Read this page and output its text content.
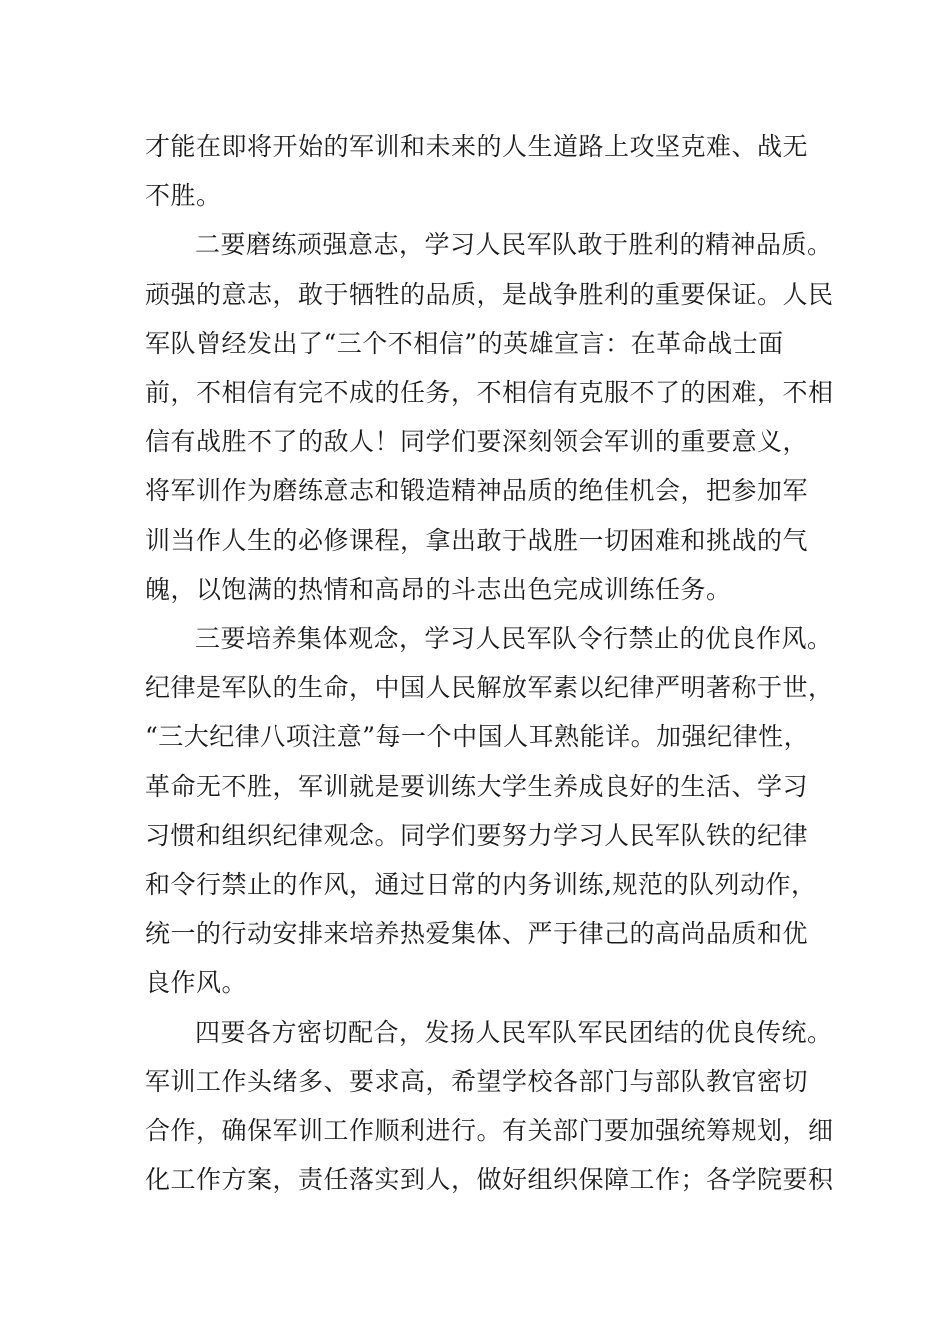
才能在即将开始的军训和未来的人生道路上攻坚克难、战无
不胜。

二要磨练顽强意志，学习人民军队敢于胜利的精神品质。
顽强的意志，敢于牺牲的品质，是战争胜利的重要保证。人民
军队曾经发出了“三个不相信”的英雄宣言：在革命战士面
前，不相信有完不成的任务，不相信有克服不了的困难，不相
信有战胜不了的敌人！同学们要深刻领会军训的重要意义，
将军训作为磨练意志和锻造精神品质的绝佳机会，把参加军
训当作人生的必修课程，拿出敢于战胜一切困难和挑战的气
魄，以饱满的热情和高昂的斗志出色完成训练任务。

三要培养集体观念，学习人民军队令行禁止的优良作风。
纪律是军队的生命，中国人民解放军素以纪律严明著称于世，
“三大纪律八项注意”每一个中国人耳熟能详。加强纪律性，
革命无不胜，军训就是要训练大学生养成良好的生活、学习
习惯和组织纪律观念。同学们要努力学习人民军队铁的纪律
和令行禁止的作风，通过日常的内务训练,规范的队列动作，
统一的行动安排来培养热爱集体、严于律己的高尚品质和优
良作风。

四要各方密切配合，发扬人民军队军民团结的优良传统。
军训工作头绪多、要求高，希望学校各部门与部队教官密切
合作，确保军训工作顺利进行。有关部门要加强统筹规划，细
化工作方案，责任落实到人，做好组织保障工作；各学院要积
